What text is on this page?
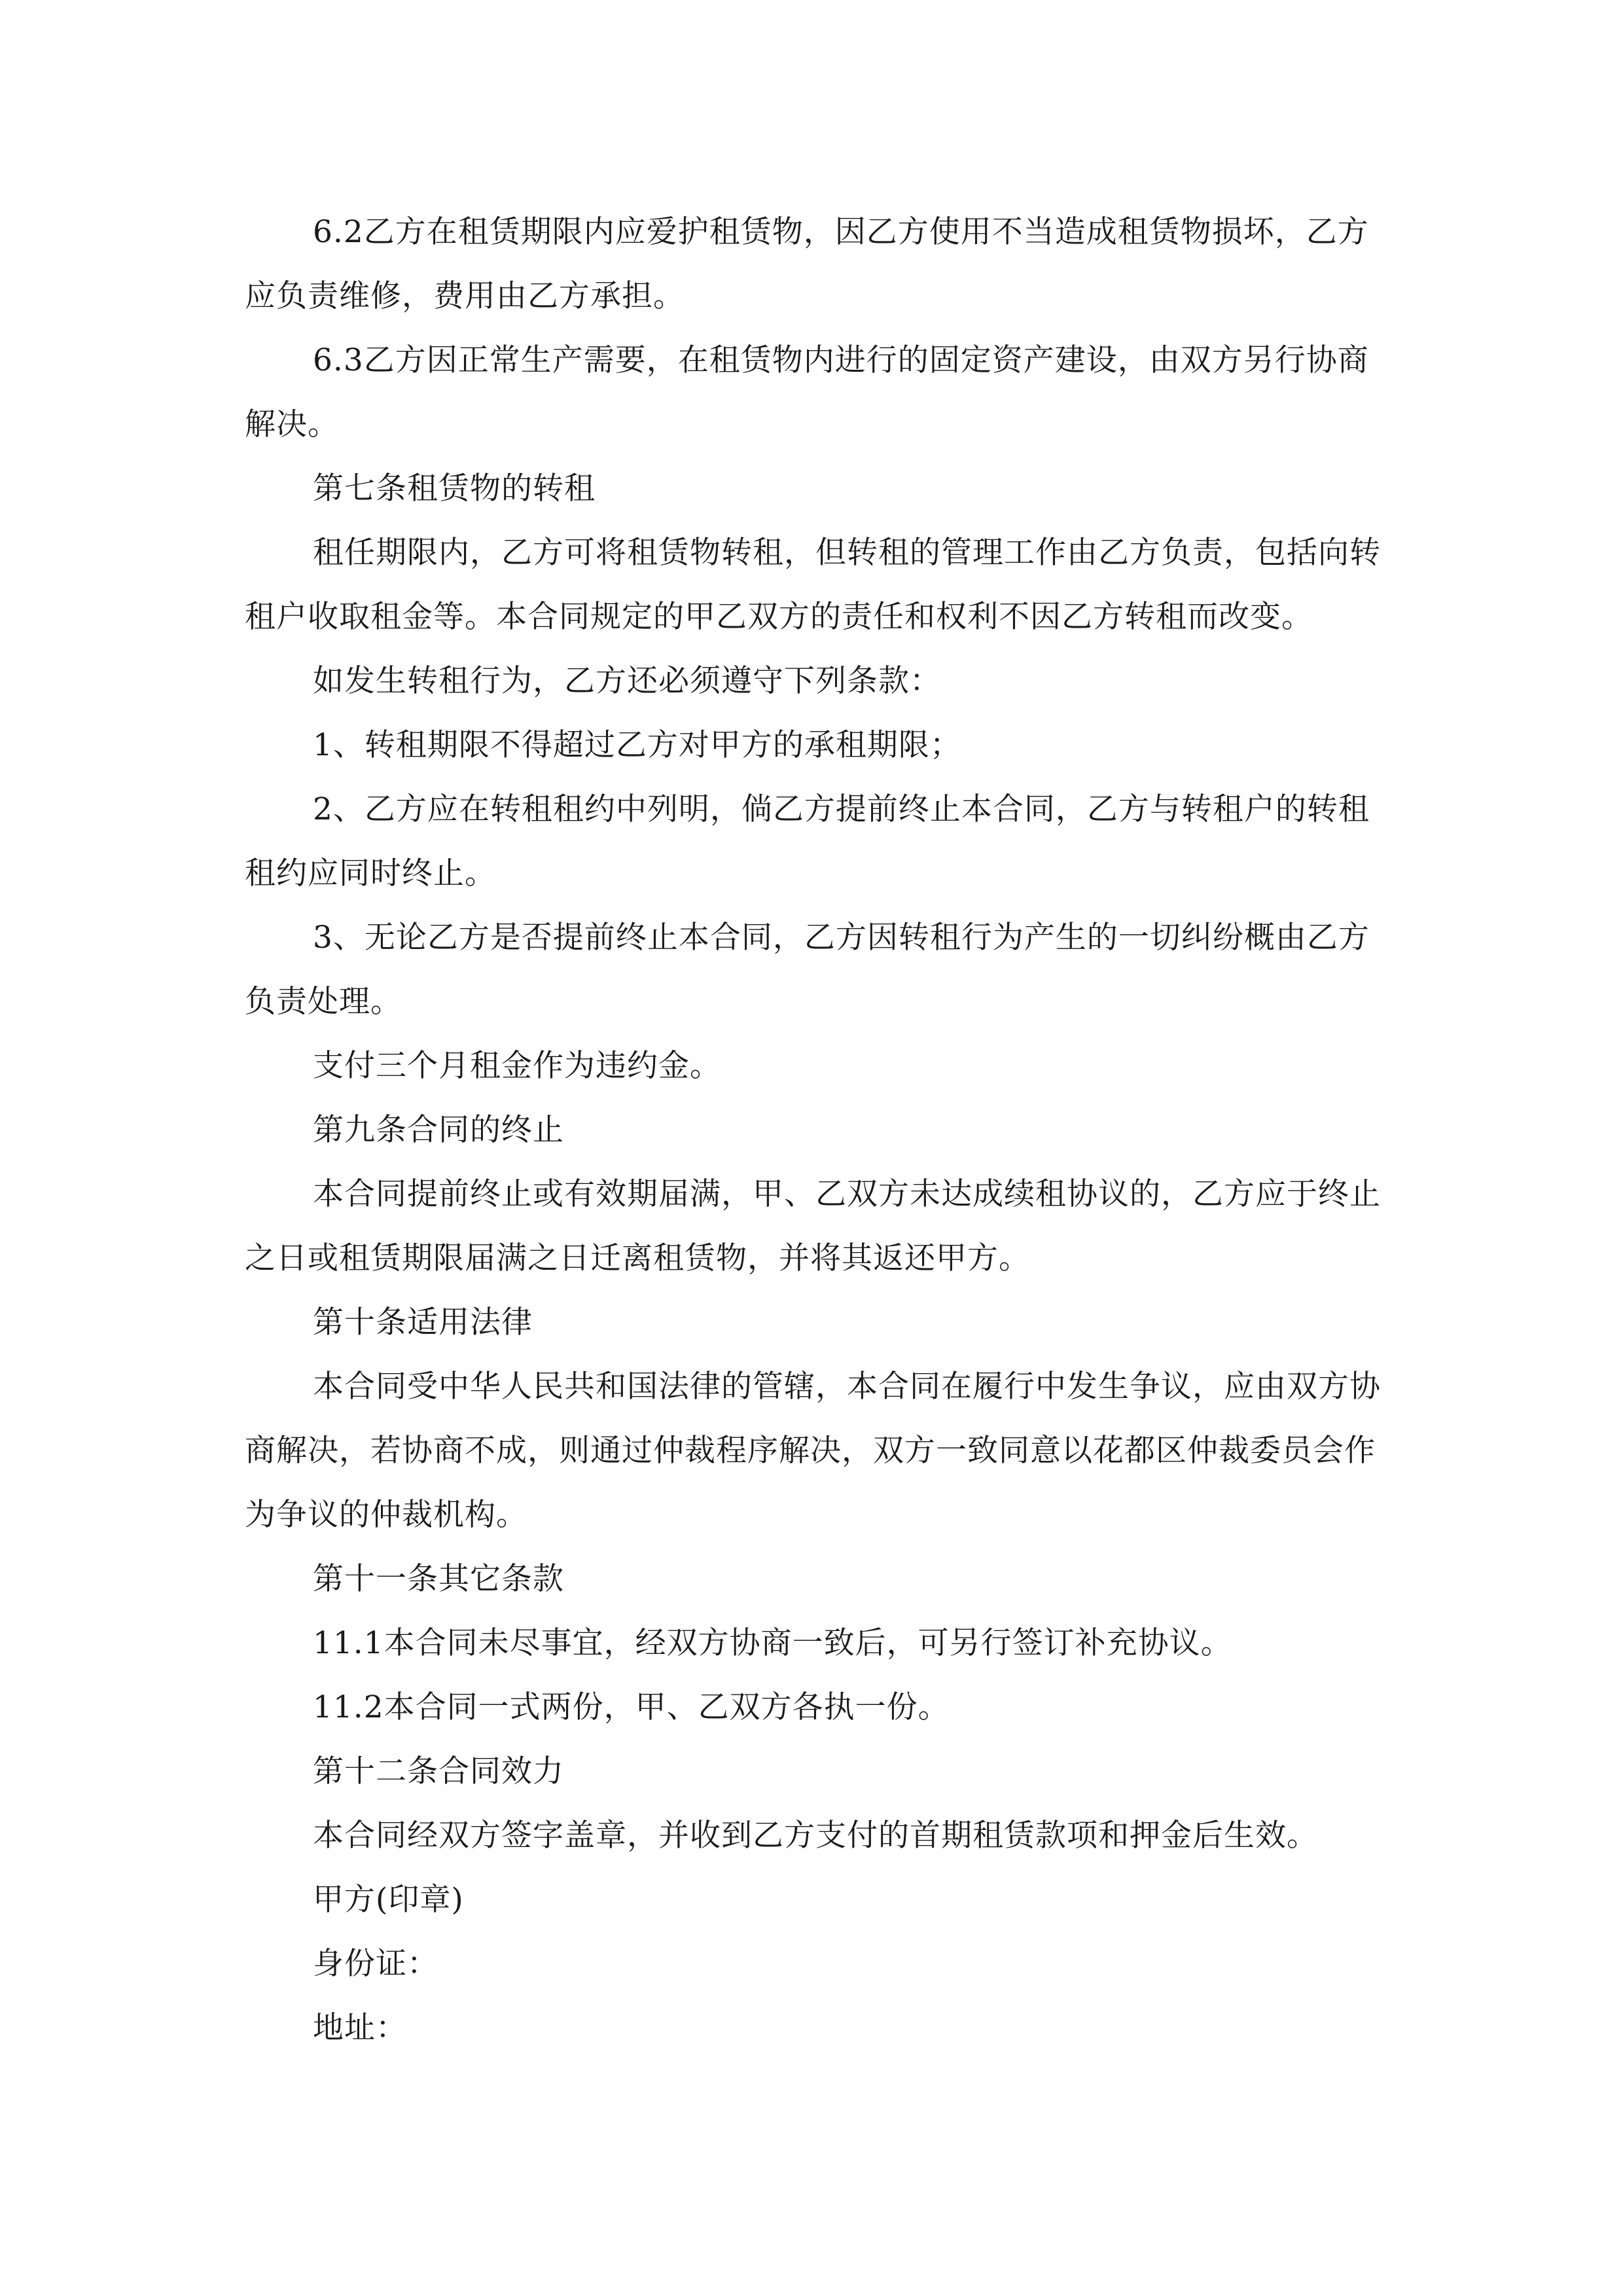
6.2乙方在租赁期限内应爱护租赁物，因乙方使用不当造成租赁物损坏，乙方应负责维修，费用由乙方承担。

6.3乙方因正常生产需要，在租赁物内进行的固定资产建设，由双方另行协商解决。

第七条租赁物的转租

租任期限内，乙方可将租赁物转租，但转租的管理工作由乙方负责，包括向转租户收取租金等。本合同规定的甲乙双方的责任和权利不因乙方转租而改变。

如发生转租行为，乙方还必须遵守下列条款：

1、转租期限不得超过乙方对甲方的承租期限；

2、乙方应在转租租约中列明，倘乙方提前终止本合同，乙方与转租户的转租租约应同时终止。

3、无论乙方是否提前终止本合同，乙方因转租行为产生的一切纠纷概由乙方负责处理。

支付三个月租金作为违约金。

第九条合同的终止

本合同提前终止或有效期届满，甲、乙双方未达成续租协议的，乙方应于终止之日或租赁期限届满之日迁离租赁物，并将其返还甲方。

第十条适用法律

本合同受中华人民共和国法律的管辖，本合同在履行中发生争议，应由双方协商解决，若协商不成，则通过仲裁程序解决，双方一致同意以花都区仲裁委员会作为争议的仲裁机构。

第十一条其它条款

11.1本合同未尽事宜，经双方协商一致后，可另行签订补充协议。

11.2本合同一式两份，甲、乙双方各执一份。

第十二条合同效力

本合同经双方签字盖章，并收到乙方支付的首期租赁款项和押金后生效。

甲方(印章)

身份证：

地址：
